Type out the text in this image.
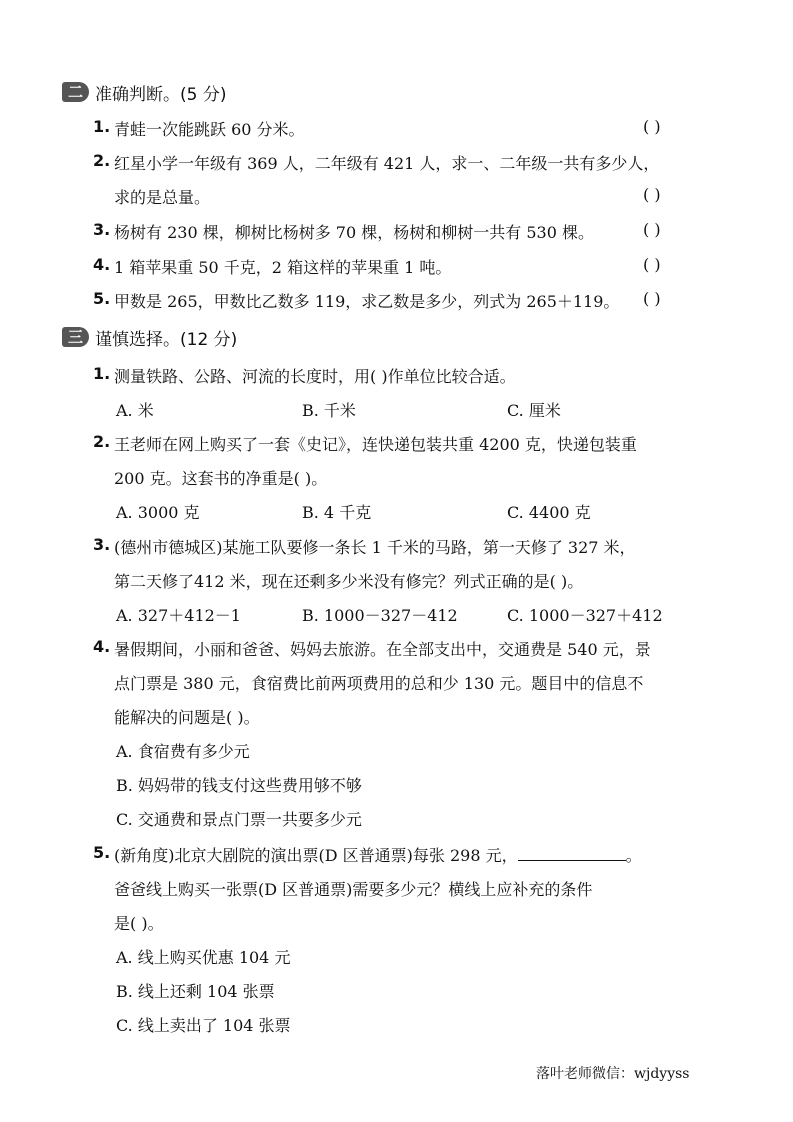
二 准确判断。(5 分)
1. 青蛙一次能跳跃 60 分米。	( )
2. 红星小学一年级有 369 人，二年级有 421 人，求一、二年级一共有多少人，
求的是总量。	( )
3. 杨树有 230 棵，柳树比杨树多 70 棵，杨树和柳树一共有 530 棵。	( )
4. 1 箱苹果重 50 千克，2 箱这样的苹果重 1 吨。	( )
5. 甲数是 265，甲数比乙数多 119，求乙数是多少，列式为 265＋119。 ( )
三 谨慎选择。(12 分)
1. 测量铁路、公路、河流的长度时，用( )作单位比较合适。
A. 米	B. 千米	C. 厘米
2. 王老师在网上购买了一套《史记》，连快递包装共重 4200 克，快递包装重
200 克。这套书的净重是( )。
A. 3000 克	B. 4 千克	C. 4400 克
3. (德州市德城区)某施工队要修一条长 1 千米的马路，第一天修了 327 米，
第二天修了412 米，现在还剩多少米没有修完？列式正确的是( )。
A. 327＋412－1	B. 1000－327－412	C. 1000－327＋412
4. 暑假期间，小丽和爸爸、妈妈去旅游。在全部支出中，交通费是 540 元，景
点门票是 380 元，食宿费比前两项费用的总和少 130 元。题目中的信息不
能解决的问题是( )。
A. 食宿费有多少元
B. 妈妈带的钱支付这些费用够不够
C. 交通费和景点门票一共要多少元
5. (新角度)北京大剧院的演出票(D 区普通票)每张 298 元，	。
爸爸线上购买一张票(D 区普通票)需要多少元？横线上应补充的条件
是( )。
A. 线上购买优惠 104 元
B. 线上还剩 104 张票
C. 线上卖出了 104 张票
落叶老师微信：wjdyyss
